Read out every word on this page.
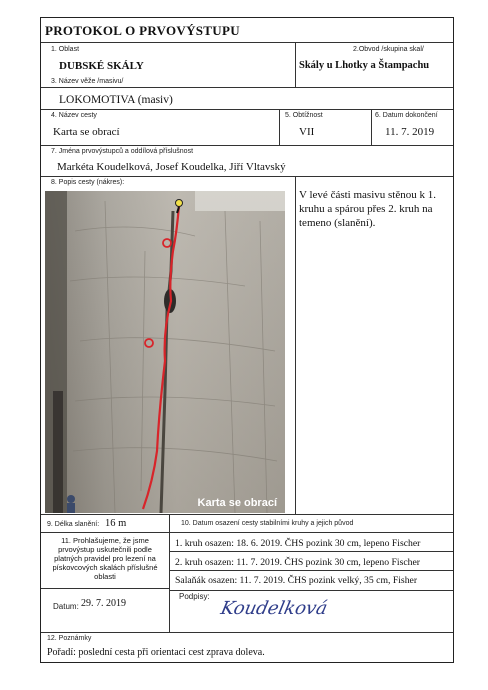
PROTOKOL O PRVOVÝSTUPU
1. Oblast
DUBSKÉ SKÁLY
2.Obvod /skupina skal/
Skály u Lhotky a Štampachu
3. Název věže /masivu/
LOKOMOTIVA (masiv)
4. Název cesty
Karta se obrací
5. Obtížnost
VII
6. Datum dokončení
11. 7. 2019
7. Jména prvovýstupců a oddílová příslušnost
Markéta Koudelková, Josef Koudelka, Jiří Vltavský
8. Popis cesty (nákres):
Karta se obrací
V levé části masivu stěnou k 1. kruhu a spárou přes 2. kruh na temeno (slanění).
9. Délka slanění: 16 m	10. Datum osazení cesty stabilními kruhy a jejich původ
11. Prohlašujeme, že jsme prvovýstup uskutečnili podle platných pravidel pro lezení na pískovcových skalách příslušné oblasti
Datum: 29. 7. 2019
1. kruh osazen: 18. 6. 2019. ČHS pozink 30 cm, lepeno Fischer
2. kruh osazen: 11. 7. 2019. ČHS pozink 30 cm, lepeno Fischer
Salaňák osazen: 11. 7. 2019. ČHS pozink velký, 35 cm, Fisher
Podpisy:
Koudelková
12. Poznámky
Pořadí: poslední cesta při orientaci cest zprava doleva.
